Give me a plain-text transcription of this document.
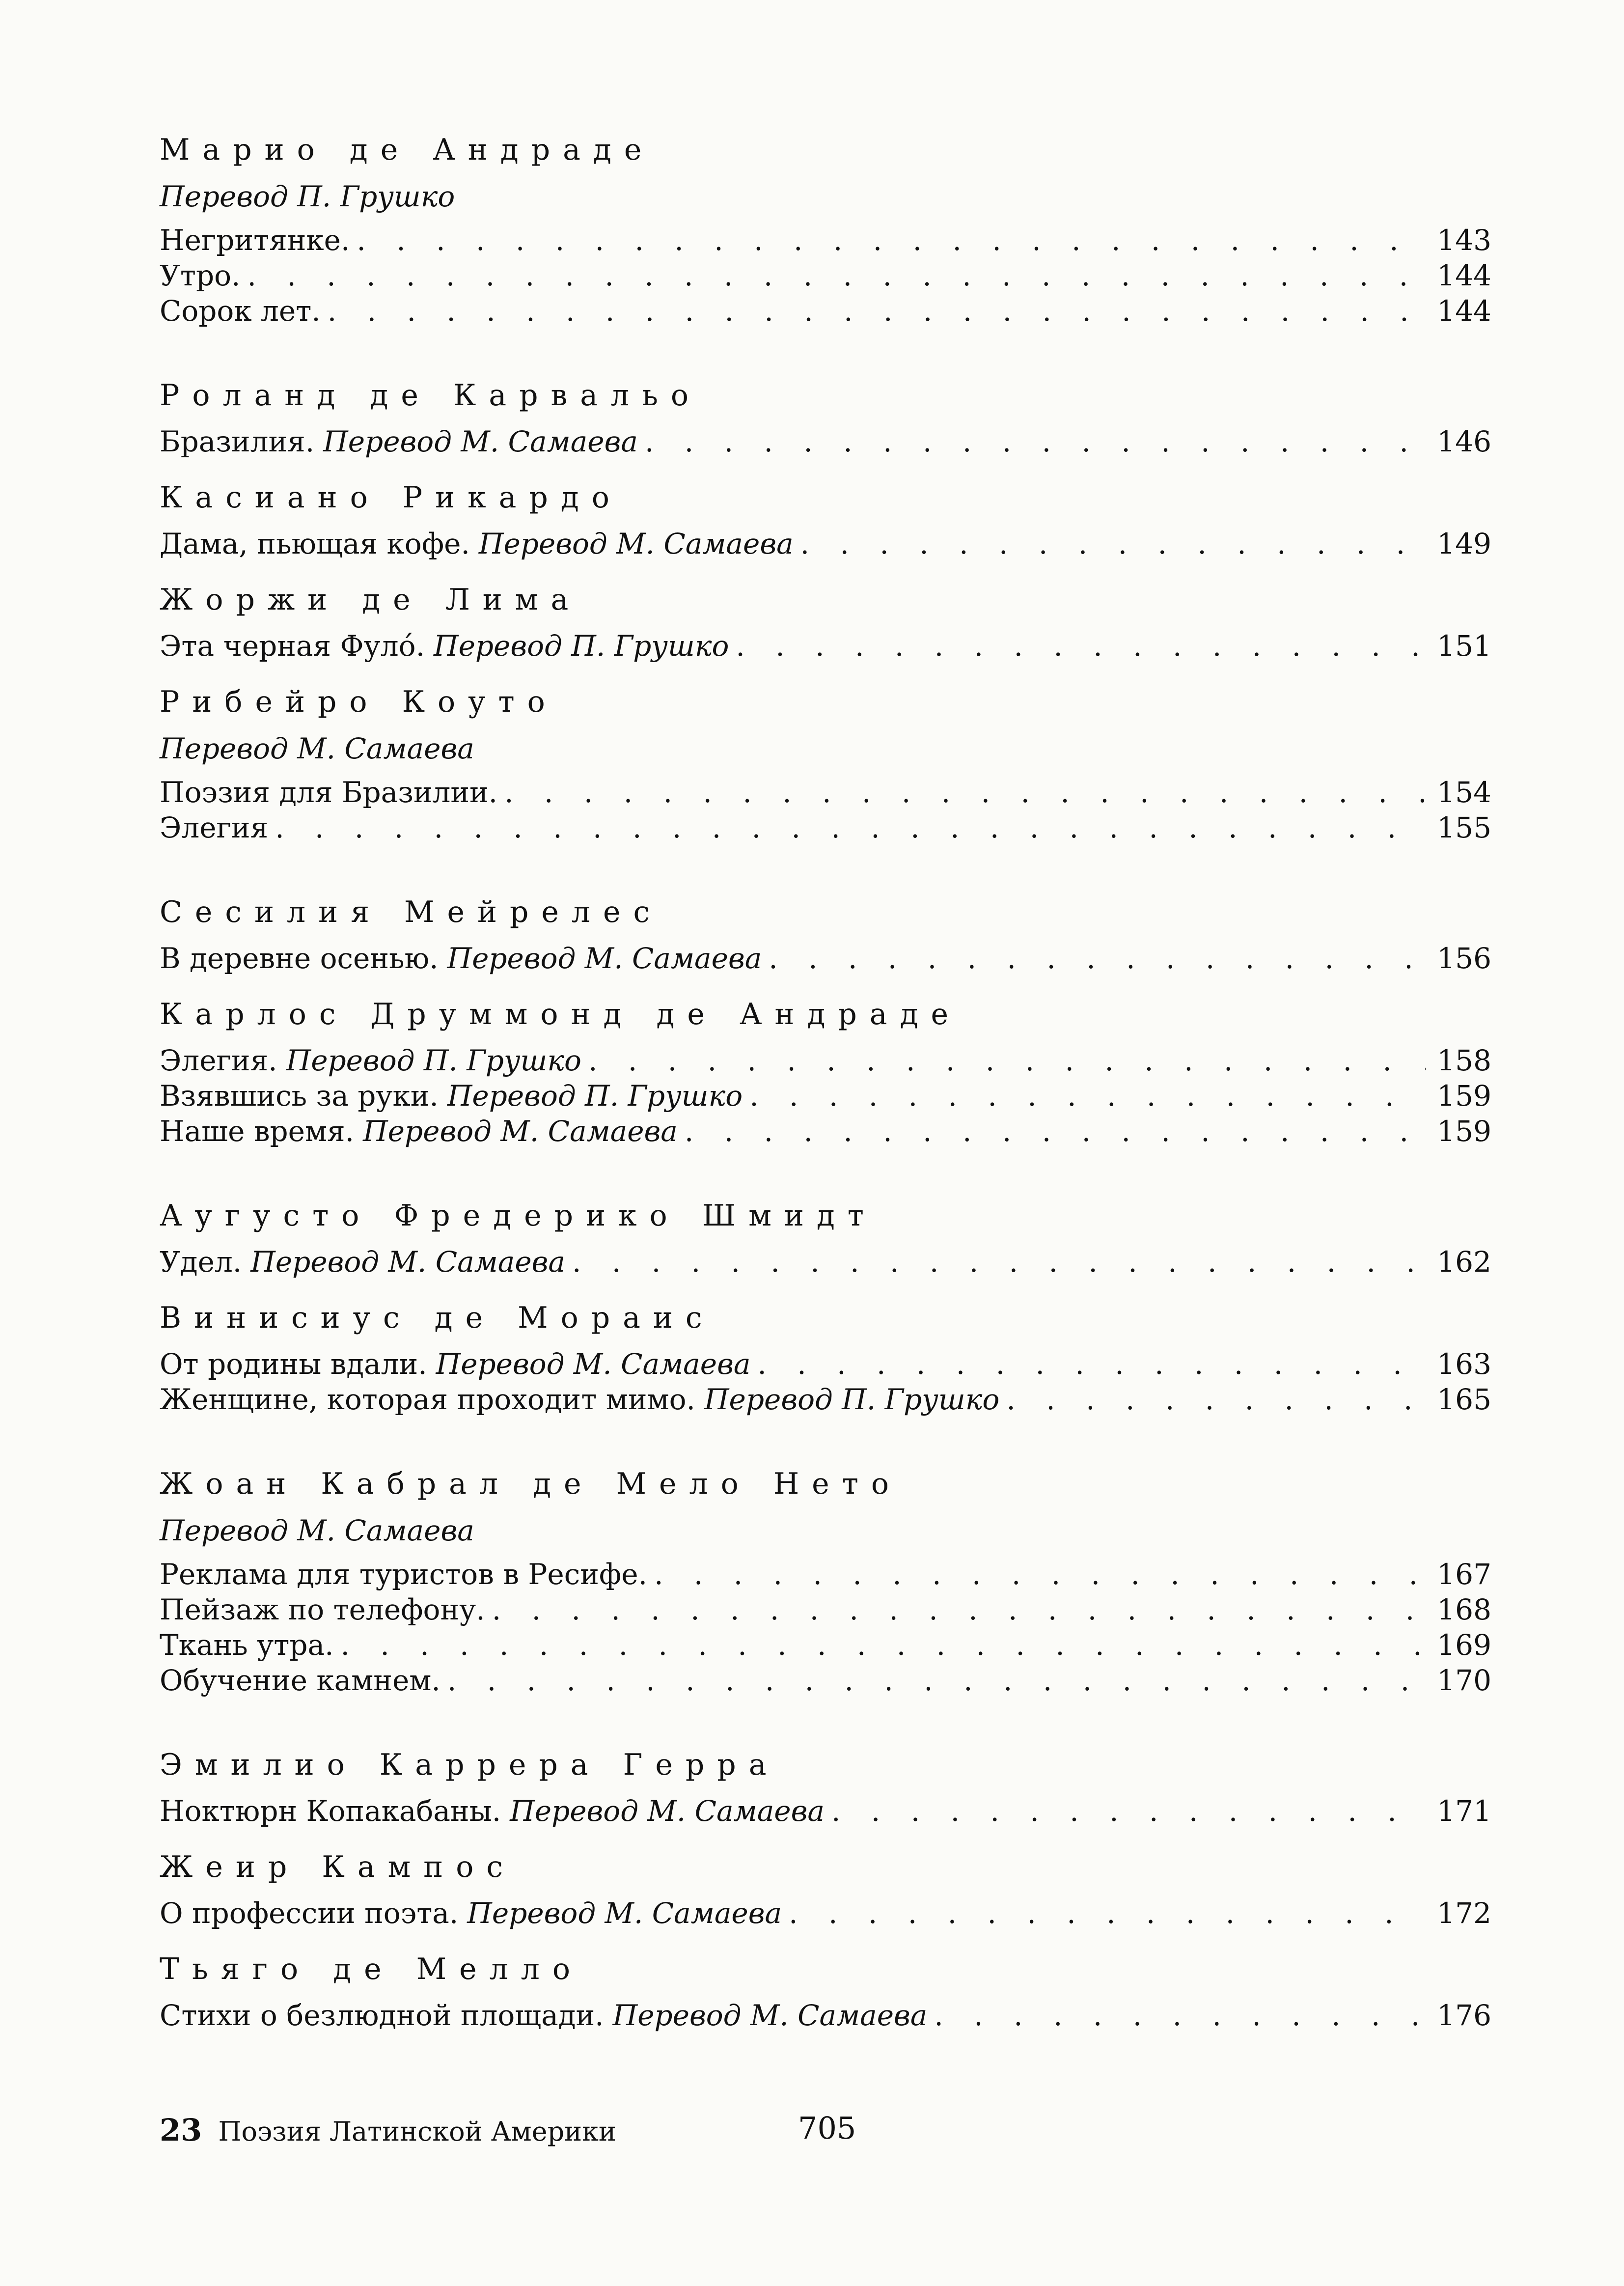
Марио де Андраде
Перевод П. Грушко
Негритянке. . . .	143
Утро. . . .	144
Сорок лет. . . .	144
Роланд де Карвальо
Бразилия. Перевод М. Самаева . . .	146
Касиано Рикардо
Дама, пьющая кофе. Перевод М. Самаева . . .	149
Жоржи де Лима
Эта черная Фуло́. Перевод П. Грушко . . .	151
Рибейро Коуто
Перевод М. Самаева
Поэзия для Бразилии. . . .	154
Элегия . . .	155
Сесилия Мейрелес
В деревне осенью. Перевод М. Самаева . . .	156
Карлос Друммонд де Андраде
Элегия. Перевод П. Грушко . . .	158
Взявшись за руки. Перевод П. Грушко . . .	159
Наше время. Перевод М. Самаева . . .	159
Аугусто Фредерико Шмидт
Удел. Перевод М. Самаева . . .	162
Винисиус де Мораис
От родины вдали. Перевод М. Самаева . . .	163
Женщине, которая проходит мимо. Перевод П. Грушко . . .	165
Жоан Кабрал де Мело Нето
Перевод М. Самаева
Реклама для туристов в Ресифе. . . .	167
Пейзаж по телефону. . . .	168
Ткань утра. . . .	169
Обучение камнем. . . .	170
Эмилио Каррера Герра
Ноктюрн Копакабаны. Перевод М. Самаева . . .	171
Жеир Кампос
О профессии поэта. Перевод М. Самаева . . .	172
Тьяго де Мелло
Стихи о безлюдной площади. Перевод М. Самаева . . .	176
23 Поэзия Латинской Америки	705
